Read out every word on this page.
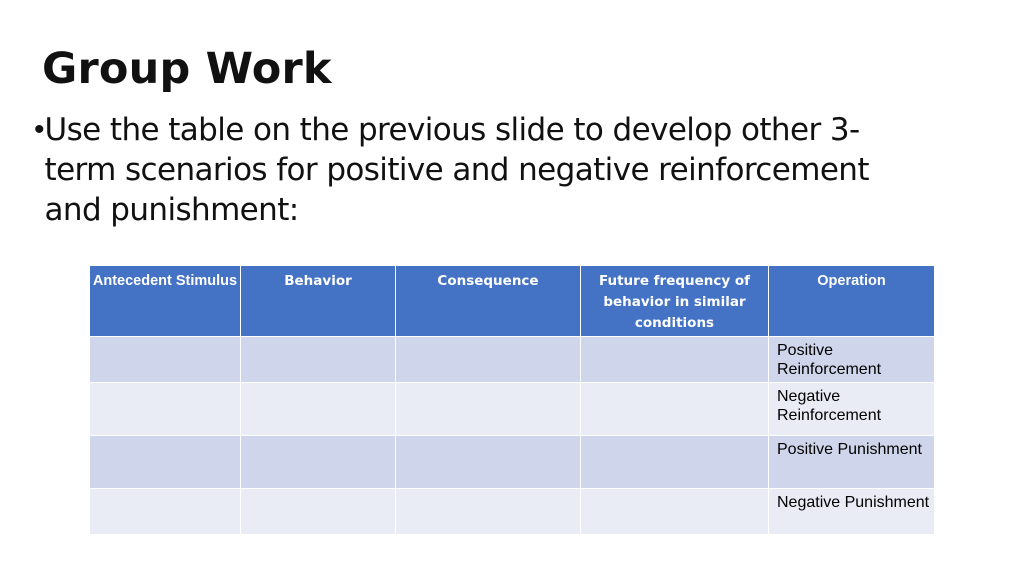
Group Work
• Use the table on the previous slide to develop other 3-term scenarios for positive and negative reinforcement and punishment:
Antecedent Stimulus	Behavior	Consequence	Future frequency of behavior in similar conditions	Operation

				Positive Reinforcement

				Negative Reinforcement

				Positive Punishment

				Negative Punishment
